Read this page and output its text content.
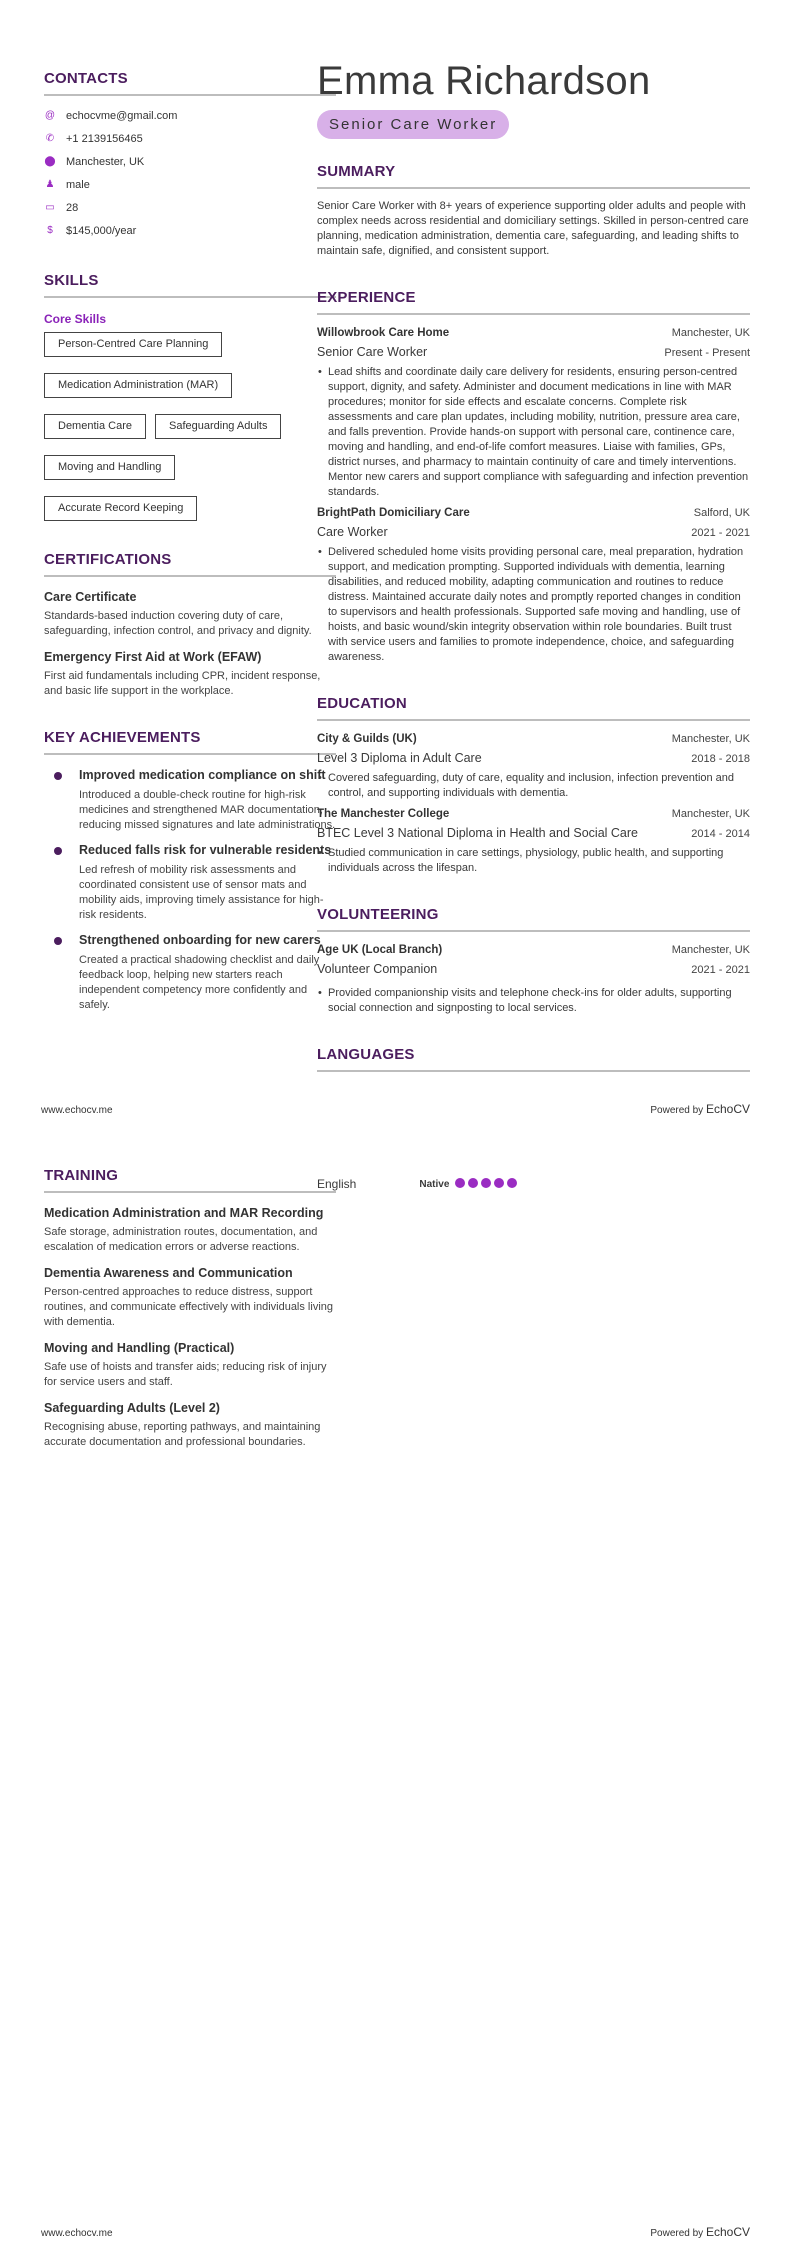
CONTACTS
@ echocvme@gmail.com
✆ +1 2139156465
⬤ Manchester, UK
♟ male
▭ 28
$ $145,000/year
SKILLS
Core Skills
Person-Centred Care Planning
Medication Administration (MAR)
Dementia Care	Safeguarding Adults
Moving and Handling
Accurate Record Keeping
CERTIFICATIONS
Care Certificate
Standards-based induction covering duty of care, safeguarding, infection control, and privacy and dignity.
Emergency First Aid at Work (EFAW)
First aid fundamentals including CPR, incident response, and basic life support in the workplace.
KEY ACHIEVEMENTS
Improved medication compliance on shift
Introduced a double-check routine for high-risk medicines and strengthened MAR documentation, reducing missed signatures and late administrations.
Reduced falls risk for vulnerable residents
Led refresh of mobility risk assessments and coordinated consistent use of sensor mats and mobility aids, improving timely assistance for high-risk residents.
Strengthened onboarding for new carers
Created a practical shadowing checklist and daily feedback loop, helping new starters reach independent competency more confidently and safely.
Emma Richardson
Senior Care Worker
SUMMARY
Senior Care Worker with 8+ years of experience supporting older adults and people with complex needs across residential and domiciliary settings. Skilled in person-centred care planning, medication administration, dementia care, safeguarding, and leading shifts to maintain safe, dignified, and consistent support.
EXPERIENCE
Willowbrook Care Home	Manchester, UK
Senior Care Worker	Present - Present
• Lead shifts and coordinate daily care delivery for residents, ensuring person-centred support, dignity, and safety. Administer and document medications in line with MAR procedures; monitor for side effects and escalate concerns. Complete risk assessments and care plan updates, including mobility, nutrition, pressure area care, and falls prevention. Provide hands-on support with personal care, continence care, moving and handling, and end-of-life comfort measures. Liaise with families, GPs, district nurses, and pharmacy to maintain continuity of care and timely interventions. Mentor new carers and support compliance with safeguarding and infection prevention standards.
BrightPath Domiciliary Care	Salford, UK
Care Worker	2021 - 2021
• Delivered scheduled home visits providing personal care, meal preparation, hydration support, and medication prompting. Supported individuals with dementia, learning disabilities, and reduced mobility, adapting communication and routines to reduce distress. Maintained accurate daily notes and promptly reported changes in condition to supervisors and health professionals. Supported safe moving and handling, use of hoists, and basic wound/skin integrity observation within role boundaries. Built trust with service users and families to promote independence, choice, and safeguarding awareness.
EDUCATION
City & Guilds (UK)	Manchester, UK
Level 3 Diploma in Adult Care	2018 - 2018
• Covered safeguarding, duty of care, equality and inclusion, infection prevention and control, and supporting individuals with dementia.
The Manchester College	Manchester, UK
BTEC Level 3 National Diploma in Health and Social Care	2014 - 2014
• Studied communication in care settings, physiology, public health, and supporting individuals across the lifespan.
VOLUNTEERING
Age UK (Local Branch)	Manchester, UK
Volunteer Companion	2021 - 2021
• Provided companionship visits and telephone check-ins for older adults, supporting social connection and signposting to local services.
LANGUAGES
www.echocv.me	Powered by EchoCV
TRAINING
Medication Administration and MAR Recording
Safe storage, administration routes, documentation, and escalation of medication errors or adverse reactions.
Dementia Awareness and Communication
Person-centred approaches to reduce distress, support routines, and communicate effectively with individuals living with dementia.
Moving and Handling (Practical)
Safe use of hoists and transfer aids; reducing risk of injury for service users and staff.
Safeguarding Adults (Level 2)
Recognising abuse, reporting pathways, and maintaining accurate documentation and professional boundaries.
English	Native
www.echocv.me	Powered by EchoCV
